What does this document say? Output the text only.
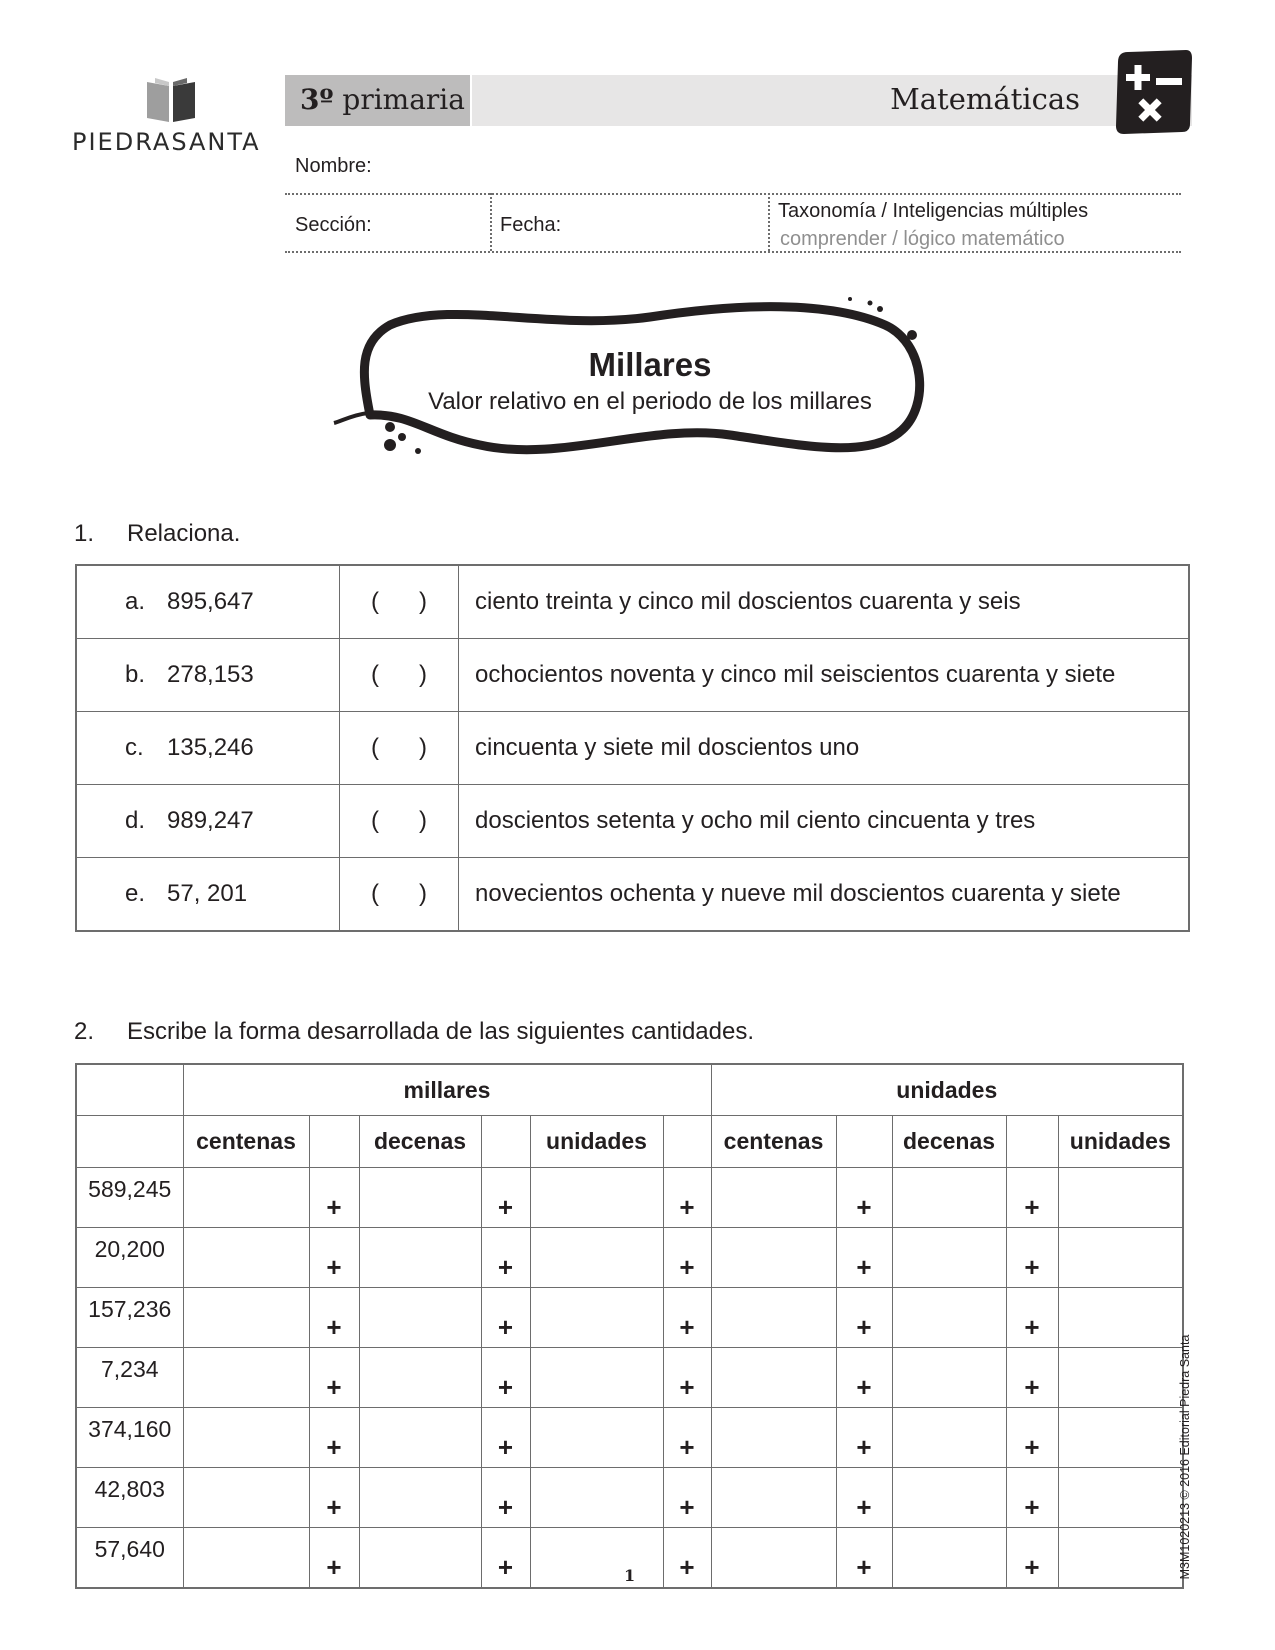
PIEDRASANTA
3º primaria	Matemáticas
Nombre:
Sección:	Fecha:
Taxonomía / Inteligencias múltiples
comprender / lógico matemático
Millares
Valor relativo en el periodo de los millares
1. Relaciona.
a. 895,647	(      )	ciento treinta y cinco mil doscientos cuarenta y seis
b. 278,153	(      )	ochocientos noventa y cinco mil seiscientos cuarenta y siete
c. 135,246	(      )	cincuenta y siete mil doscientos uno
d. 989,247	(      )	doscientos setenta y ocho mil ciento cincuenta y tres
e. 57, 201	(      )	novecientos ochenta y nueve mil doscientos cuarenta y siete
2. Escribe la forma desarrollada de las siguientes cantidades.
	millares						unidades				
	centenas		decenas		unidades		centenas		decenas		unidades
589,245		+		+		+		+		+	
20,200		+		+		+		+		+	
157,236		+		+		+		+		+	
7,234		+		+		+		+		+	
374,160		+		+		+		+		+	
42,803		+		+		+		+		+	
57,640		+		+		+		+		+	
1	M3M1020213 © 2016 Editorial Piedra Santa
